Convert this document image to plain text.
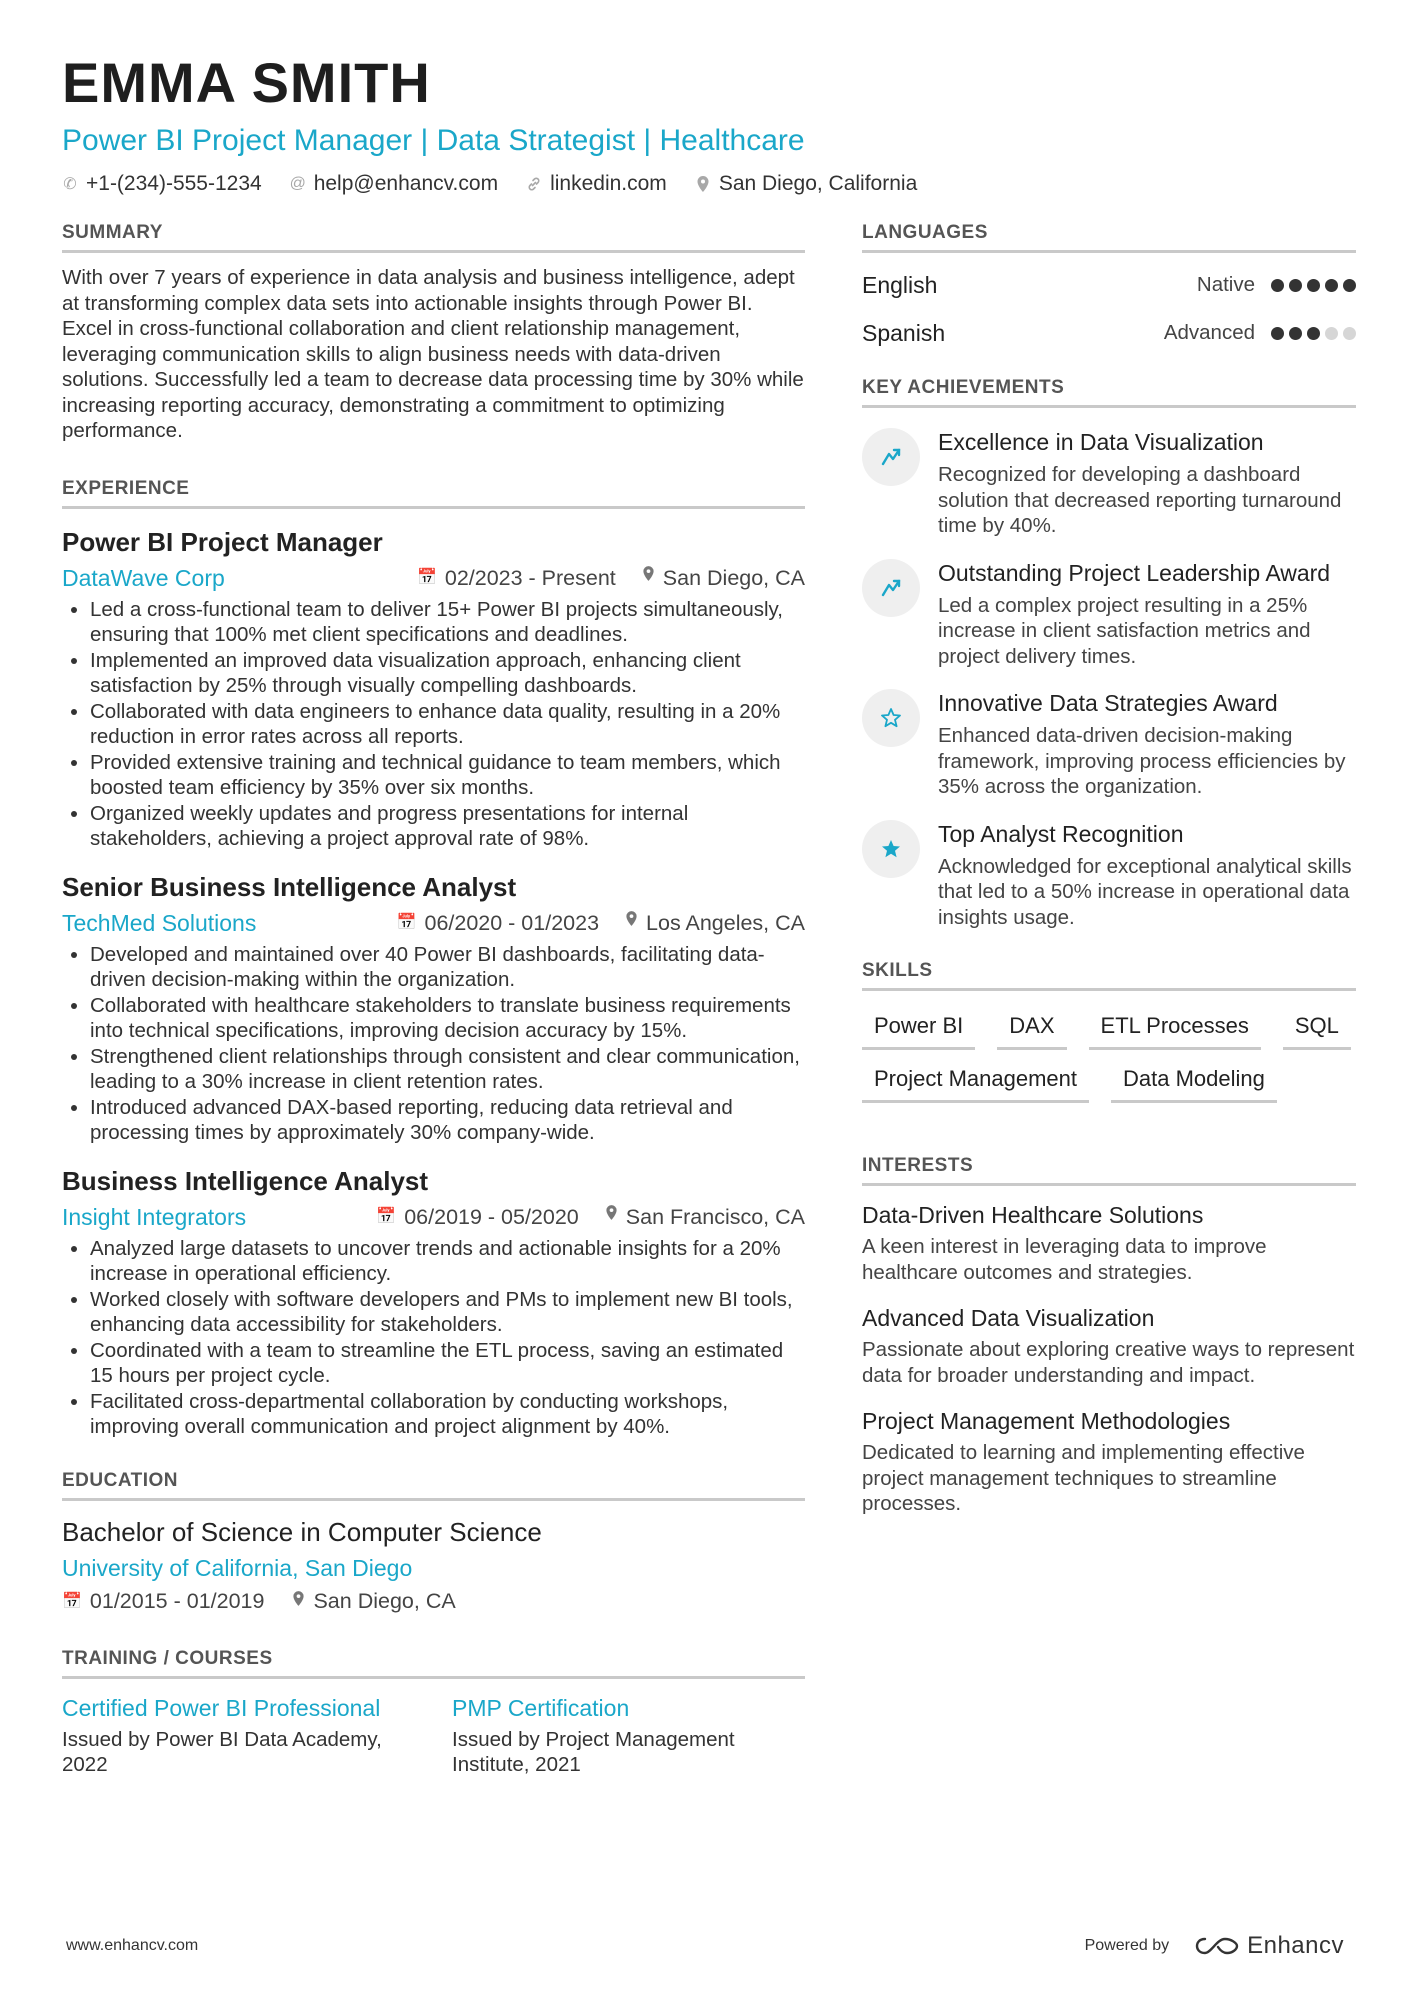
EMMA SMITH
Power BI Project Manager | Data Strategist | Healthcare
✆ +1-(234)-555-1234 @ help@enhancv.com linkedin.com San Diego, California
SUMMARY

With over 7 years of experience in data analysis and business intelligence, adept at transforming complex data sets into actionable insights through Power BI. Excel in cross-functional collaboration and client relationship management, leveraging communication skills to align business needs with data-driven solutions. Successfully led a team to decrease data processing time by 30% while increasing reporting accuracy, demonstrating a commitment to optimizing performance.

EXPERIENCE
Power BI Project Manager
DataWave Corp	📅 02/2023 - Present San Diego, CA
• Led a cross-functional team to deliver 15+ Power BI projects simultaneously, ensuring that 100% met client specifications and deadlines.
• Implemented an improved data visualization approach, enhancing client satisfaction by 25% through visually compelling dashboards.
• Collaborated with data engineers to enhance data quality, resulting in a 20% reduction in error rates across all reports.
• Provided extensive training and technical guidance to team members, which boosted team efficiency by 35% over six months.
• Organized weekly updates and progress presentations for internal stakeholders, achieving a project approval rate of 98%.
Senior Business Intelligence Analyst
TechMed Solutions	📅 06/2020 - 01/2023 Los Angeles, CA
• Developed and maintained over 40 Power BI dashboards, facilitating data-driven decision-making within the organization.
• Collaborated with healthcare stakeholders to translate business requirements into technical specifications, improving decision accuracy by 15%.
• Strengthened client relationships through consistent and clear communication, leading to a 30% increase in client retention rates.
• Introduced advanced DAX-based reporting, reducing data retrieval and processing times by approximately 30% company-wide.
Business Intelligence Analyst
Insight Integrators	📅 06/2019 - 05/2020 San Francisco, CA
• Analyzed large datasets to uncover trends and actionable insights for a 20% increase in operational efficiency.
• Worked closely with software developers and PMs to implement new BI tools, enhancing data accessibility for stakeholders.
• Coordinated with a team to streamline the ETL process, saving an estimated 15 hours per project cycle.
• Facilitated cross-departmental collaboration by conducting workshops, improving overall communication and project alignment by 40%.
EDUCATION
Bachelor of Science in Computer Science
University of California, San Diego
📅 01/2015 - 01/2019 San Diego, CA
TRAINING / COURSES
Certified Power BI Professional
Issued by Power BI Data Academy, 2022
PMP Certification
Issued by Project Management Institute, 2021
LANGUAGES
English	Native
Spanish	Advanced
KEY ACHIEVEMENTS
Excellence in Data Visualization
Recognized for developing a dashboard solution that decreased reporting turnaround time by 40%.
Outstanding Project Leadership Award
Led a complex project resulting in a 25% increase in client satisfaction metrics and project delivery times.
Innovative Data Strategies Award
Enhanced data-driven decision-making framework, improving process efficiencies by 35% across the organization.
Top Analyst Recognition
Acknowledged for exceptional analytical skills that led to a 50% increase in operational data insights usage.
SKILLS
Power BI	DAX	ETL Processes	SQL
Project Management	Data Modeling
INTERESTS
Data-Driven Healthcare Solutions
A keen interest in leveraging data to improve healthcare outcomes and strategies.
Advanced Data Visualization
Passionate about exploring creative ways to represent data for broader understanding and impact.
Project Management Methodologies
Dedicated to learning and implementing effective project management techniques to streamline processes.
www.enhancv.com	Powered by	Enhancv
